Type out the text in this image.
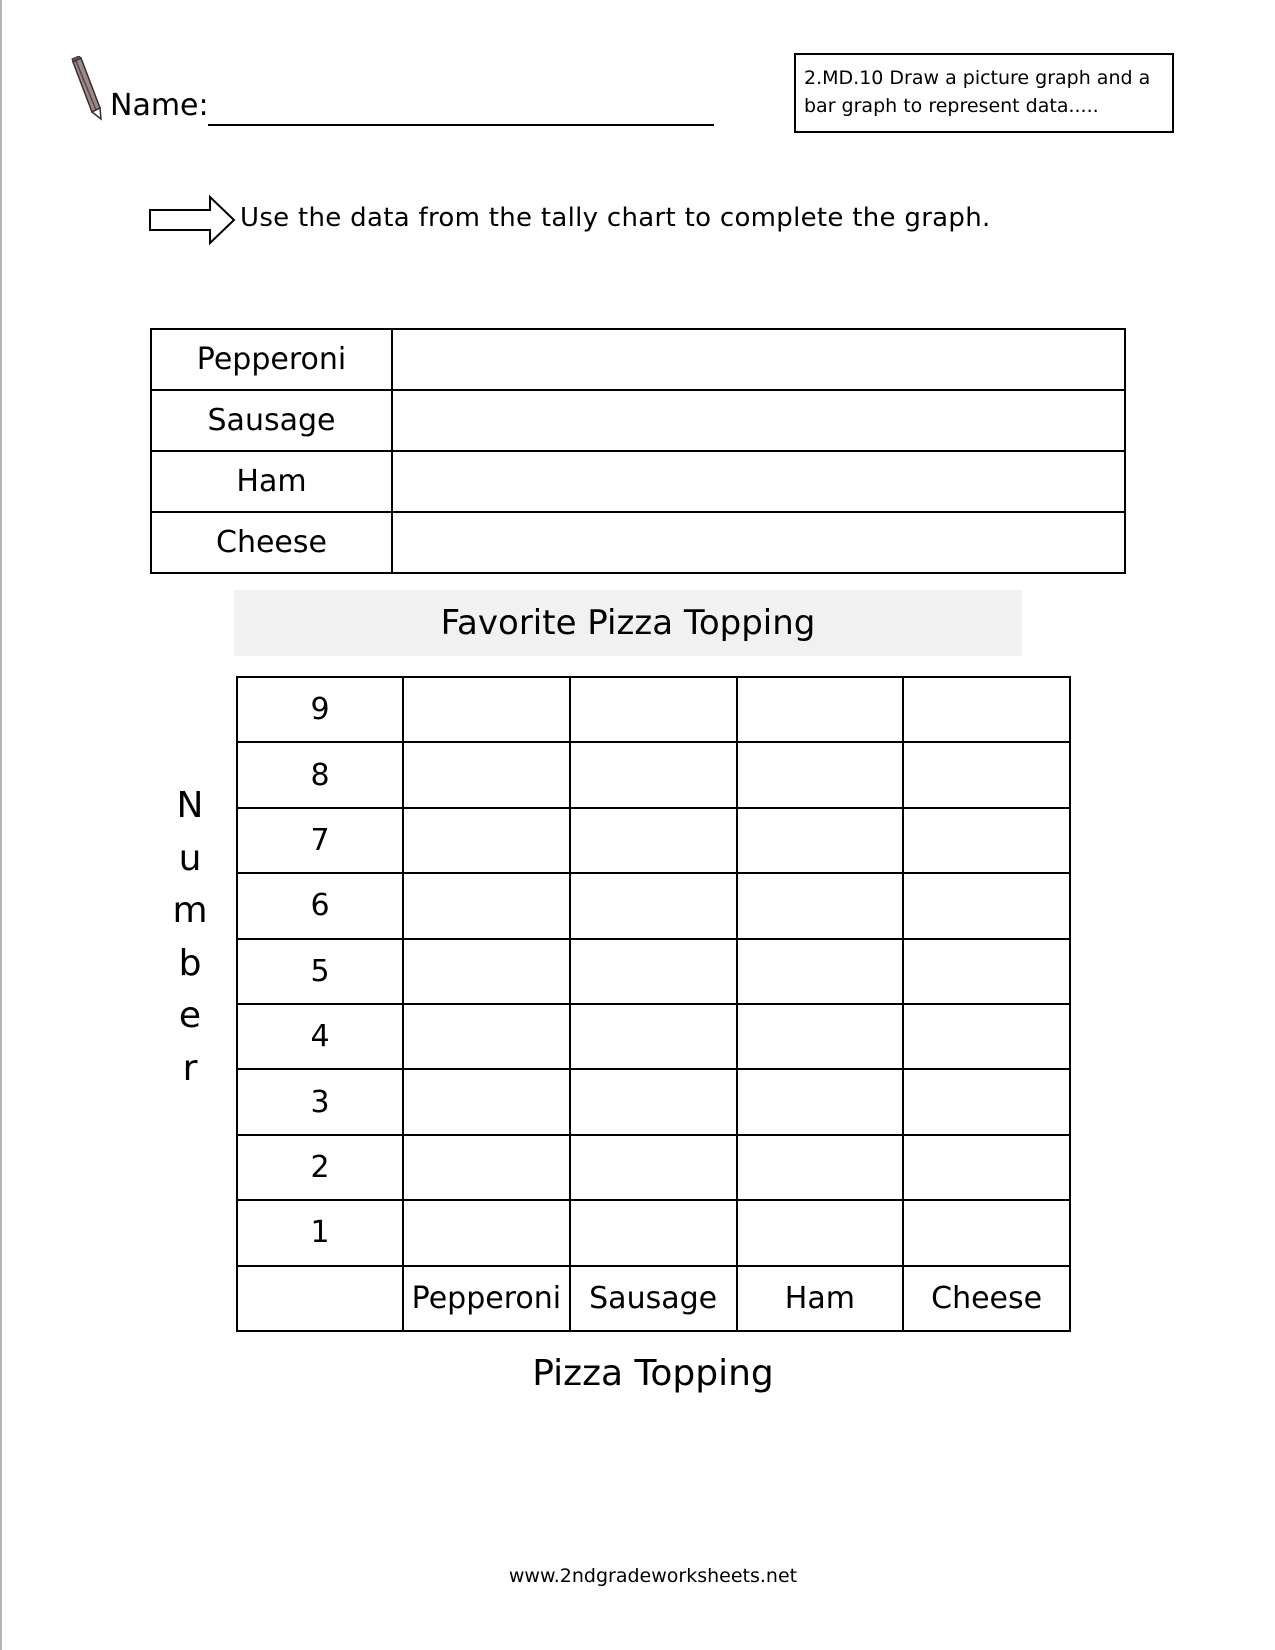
Name:
2.MD.10 Draw a picture graph and a bar graph to represent data.....
Use the data from the tally chart to complete the graph.
Pepperoni	
Sausage	
Ham	
Cheese	
Favorite Pizza Topping
N
u
m
b
e
r
9				
8				
7				
6				
5				
4				
3				
2				
1				
	Pepperoni	Sausage	Ham	Cheese
Pizza Topping
www.2ndgradeworksheets.net
